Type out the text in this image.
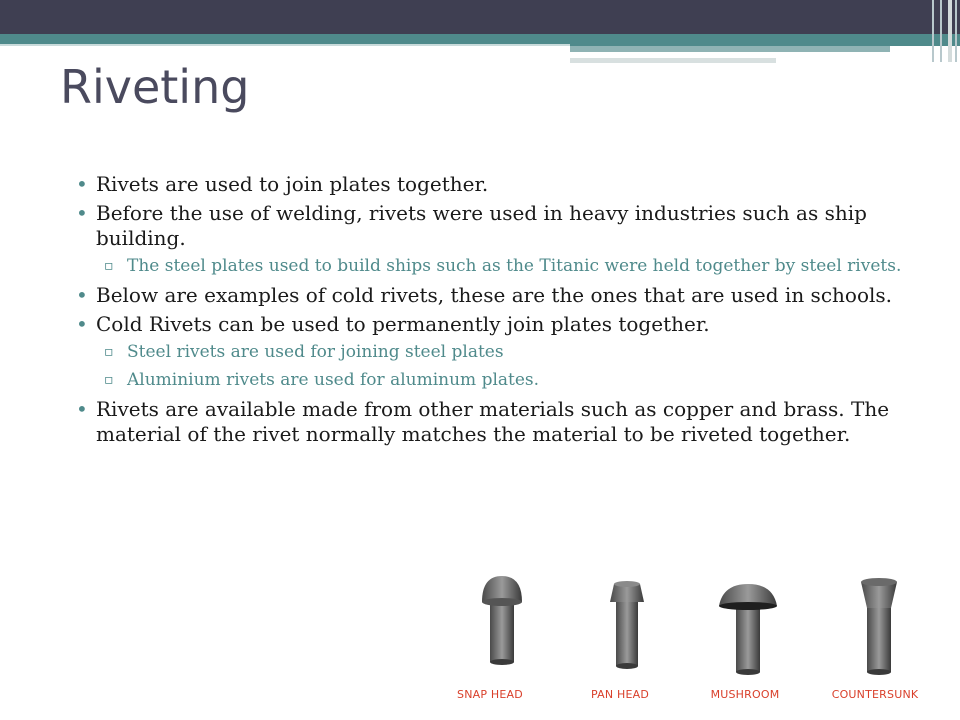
Riveting
• Rivets are used to join plates together.
• Before the use of welding, rivets were used in heavy industries such as ship building.
▫ The steel plates used to build ships such as the Titanic were held together by steel rivets.
• Below are examples of cold rivets, these are the ones that are used in schools.
• Cold Rivets can be used to permanently join plates together.
▫ Steel rivets are used for joining steel plates
▫ Aluminium rivets are used for aluminum plates.
• Rivets are available made from other materials such as copper and brass. The material of the rivet normally matches the material to be riveted together.
SNAP HEAD	PAN HEAD	MUSHROOM	COUNTERSUNK
